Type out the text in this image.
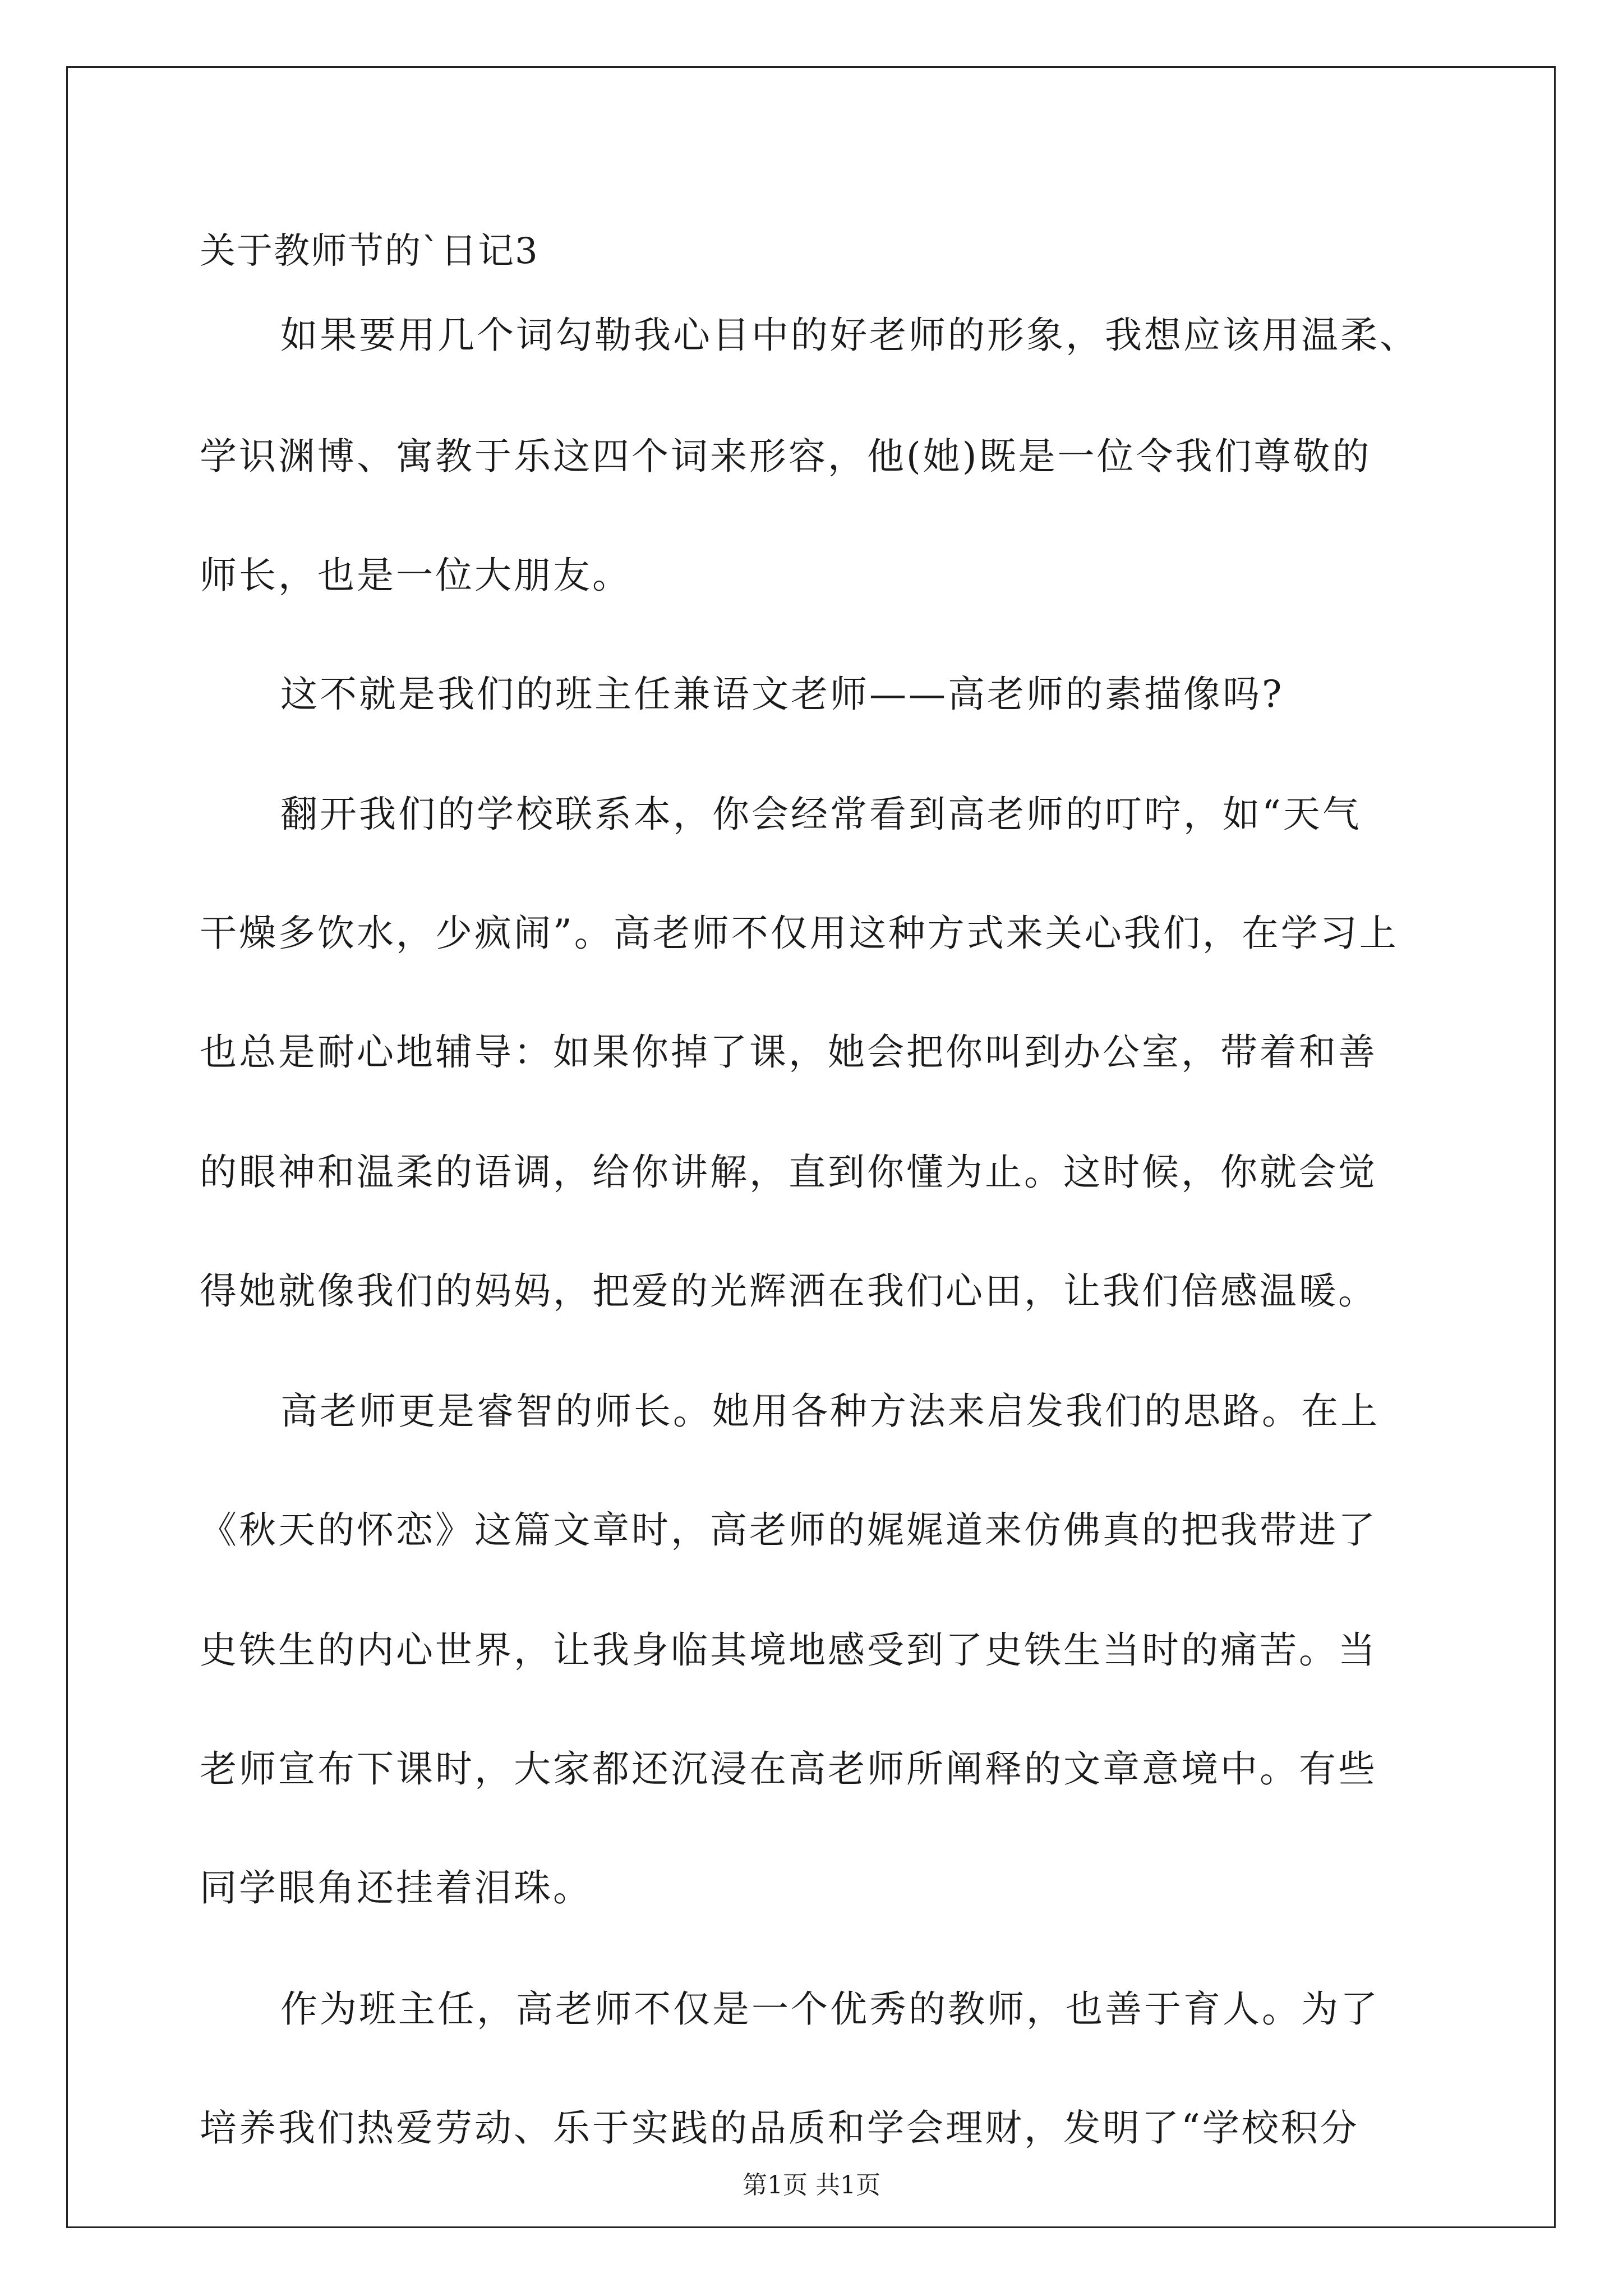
关于教师节的`日记3

如果要用几个词勾勒我心目中的好老师的形象，我想应该用温柔、

学识渊博、寓教于乐这四个词来形容，他(她)既是一位令我们尊敬的

师长，也是一位大朋友。

这不就是我们的班主任兼语文老师——高老师的素描像吗?

翻开我们的学校联系本，你会经常看到高老师的叮咛，如“天气

干燥多饮水，少疯闹”。高老师不仅用这种方式来关心我们，在学习上

也总是耐心地辅导：如果你掉了课，她会把你叫到办公室，带着和善

的眼神和温柔的语调，给你讲解，直到你懂为止。这时候，你就会觉

得她就像我们的妈妈，把爱的光辉洒在我们心田，让我们倍感温暖。

高老师更是睿智的师长。她用各种方法来启发我们的思路。在上

《秋天的怀恋》这篇文章时，高老师的娓娓道来仿佛真的把我带进了

史铁生的内心世界，让我身临其境地感受到了史铁生当时的痛苦。当

老师宣布下课时，大家都还沉浸在高老师所阐释的文章意境中。有些

同学眼角还挂着泪珠。

作为班主任，高老师不仅是一个优秀的教师，也善于育人。为了

培养我们热爱劳动、乐于实践的品质和学会理财，发明了“学校积分

第1页 共1页
